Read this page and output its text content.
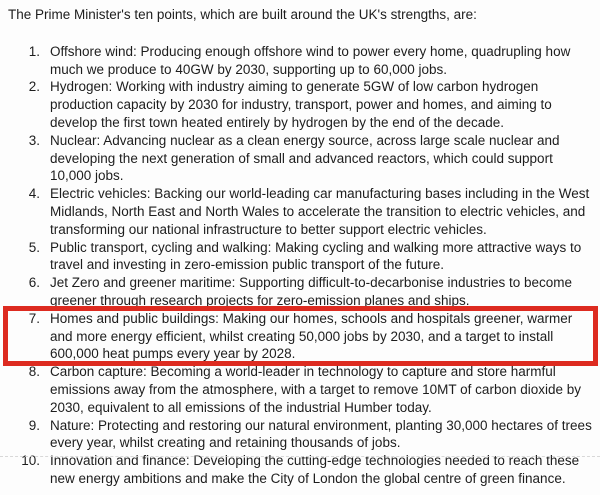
The Prime Minister's ten points, which are built around the UK's strengths, are:

1. Offshore wind: Producing enough offshore wind to power every home, quadrupling how much we produce to 40GW by 2030, supporting up to 60,000 jobs.
2. Hydrogen: Working with industry aiming to generate 5GW of low carbon hydrogen production capacity by 2030 for industry, transport, power and homes, and aiming to develop the first town heated entirely by hydrogen by the end of the decade.
3. Nuclear: Advancing nuclear as a clean energy source, across large scale nuclear and developing the next generation of small and advanced reactors, which could support 10,000 jobs.
4. Electric vehicles: Backing our world-leading car manufacturing bases including in the West Midlands, North East and North Wales to accelerate the transition to electric vehicles, and transforming our national infrastructure to better support electric vehicles.
5. Public transport, cycling and walking: Making cycling and walking more attractive ways to travel and investing in zero-emission public transport of the future.
6. Jet Zero and greener maritime: Supporting difficult-to-decarbonise industries to become greener through research projects for zero-emission planes and ships.
7. Homes and public buildings: Making our homes, schools and hospitals greener, warmer and more energy efficient, whilst creating 50,000 jobs by 2030, and a target to install 600,000 heat pumps every year by 2028.
8. Carbon capture: Becoming a world-leader in technology to capture and store harmful emissions away from the atmosphere, with a target to remove 10MT of carbon dioxide by 2030, equivalent to all emissions of the industrial Humber today.
9. Nature: Protecting and restoring our natural environment, planting 30,000 hectares of trees every year, whilst creating and retaining thousands of jobs.
10. Innovation and finance: Developing the cutting-edge technologies needed to reach these new energy ambitions and make the City of London the global centre of green finance.
